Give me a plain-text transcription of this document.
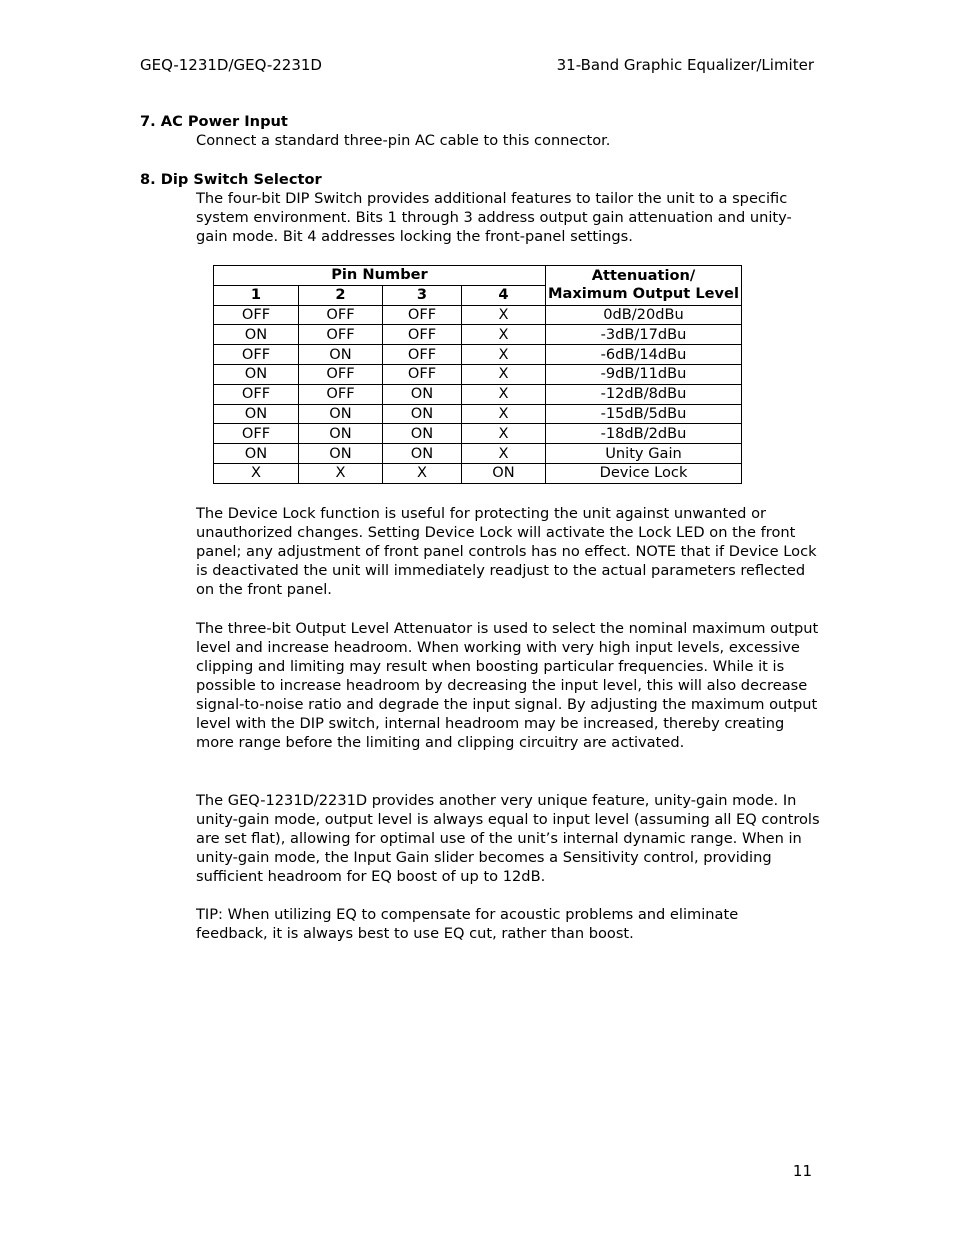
GEQ-1231D/GEQ-2231D	31-Band Graphic Equalizer/Limiter
7. AC Power Input
Connect a standard three-pin AC cable to this connector.
8. Dip Switch Selector
The four-bit DIP Switch provides additional features to tailor the unit to a specific system environment. Bits 1 through 3 address output gain attenuation and unity-gain mode. Bit 4 addresses locking the front-panel settings.
Pin Number				Attenuation/
Maximum Output Level

1	2	3	4	
OFF	OFF	OFF	X	0dB/20dBu
ON	OFF	OFF	X	-3dB/17dBu
OFF	ON	OFF	X	-6dB/14dBu
ON	OFF	OFF	X	-9dB/11dBu
OFF	OFF	ON	X	-12dB/8dBu
ON	ON	ON	X	-15dB/5dBu
OFF	ON	ON	X	-18dB/2dBu
ON	ON	ON	X	Unity Gain
X	X	X	ON	Device Lock
The Device Lock function is useful for protecting the unit against unwanted or unauthorized changes. Setting Device Lock will activate the Lock LED on the front panel; any adjustment of front panel controls has no effect. NOTE that if Device Lock is deactivated the unit will immediately readjust to the actual parameters reflected on the front panel.
The three-bit Output Level Attenuator is used to select the nominal maximum output level and increase headroom. When working with very high input levels, excessive clipping and limiting may result when boosting particular frequencies. While it is possible to increase headroom by decreasing the input level, this will also decrease signal-to-noise ratio and degrade the input signal. By adjusting the maximum output level with the DIP switch, internal headroom may be increased, thereby creating more range before the limiting and clipping circuitry are activated.
The GEQ-1231D/2231D provides another very unique feature, unity-gain mode. In unity-gain mode, output level is always equal to input level (assuming all EQ controls are set flat), allowing for optimal use of the unit’s internal dynamic range. When in unity-gain mode, the Input Gain slider becomes a Sensitivity control, providing sufficient headroom for EQ boost of up to 12dB.
TIP: When utilizing EQ to compensate for acoustic problems and eliminate feedback, it is always best to use EQ cut, rather than boost.
11
